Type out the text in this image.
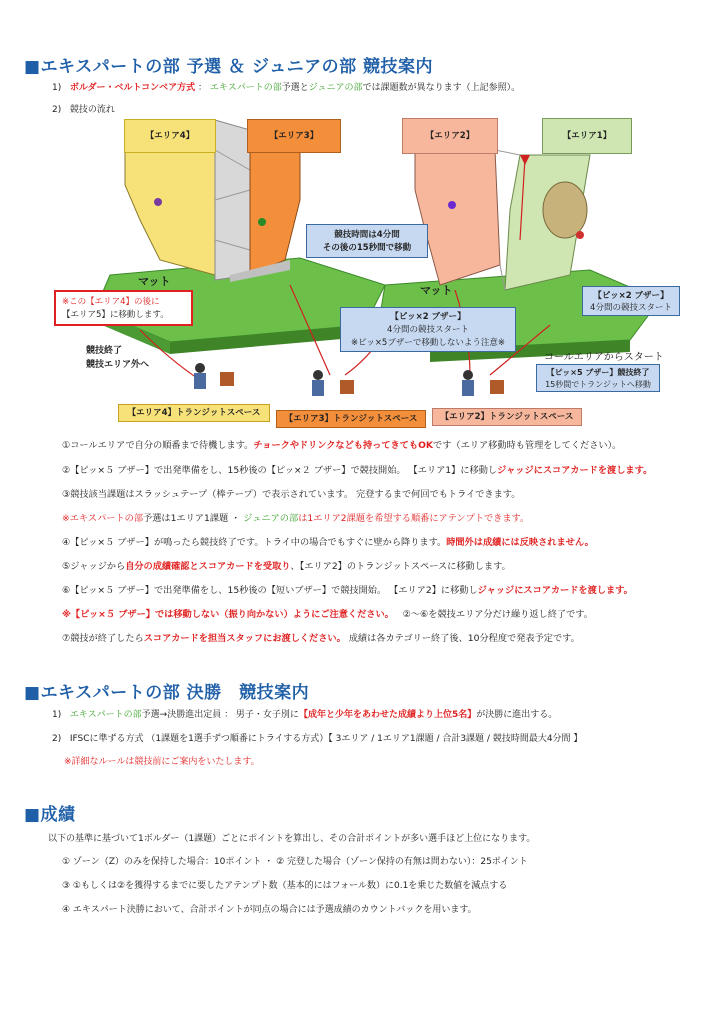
■エキスパートの部 予選 ＆ ジュニアの部 競技案内
1) ボルダー・ベルトコンベア方式 ： エキスパートの部予選とジュニアの部では課題数が異なります（上記参照）。
2) 競技の流れ
【エリア4】	【エリア3】	【エリア2】	【エリア1】
マット
マット
競技時間は4分間
その後の15秒間で移動
※この【エリア4】の後に
【エリア5】に移動します。
競技終了
競技エリア外へ
【ピッ×2 ブザー】
4分間の競技スタート
※ピッ×5ブザーで移動しないよう注意※
【ピッ×2 ブザー】
4分間の競技スタート
コールエリアからスタート
【ピッ×5 ブザー】競技終了
15秒間でトランジットへ移動
【エリア4】トランジットスペース
【エリア3】トランジットスペース	【エリア2】トランジットスペース
①コールエリアで自分の順番まで待機します。チョークやドリンクなども持ってきてもOKです（エリア移動時も管理をしてください）。
②【ピッ×５ ブザー】で出発準備をし、15秒後の【ピッ×２ ブザー】で競技開始。 【エリア1】に移動しジャッジにスコアカードを渡します。
③競技該当課題はスラッシュテープ（棒テープ）で表示されています。 完登するまで何回でもトライできます。
※エキスパートの部予選は1エリア1課題 ・ ジュニアの部は1エリア2課題を希望する順番にアテンプトできます。
④【ピッ×５ ブザー】が鳴ったら競技終了です。トライ中の場合でもすぐに壁から降ります。時間外は成績には反映されません。
⑤ジャッジから自分の成績確認とスコアカードを受取り、【エリア2】のトランジットスペースに移動します。
⑥【ピッ×５ ブザー】で出発準備をし、15秒後の【短いブザー】で競技開始。 【エリア2】に移動しジャッジにスコアカードを渡します。
※【ピッ×５ ブザー】では移動しない（振り向かない）ようにご注意ください。 ②～⑥を競技エリア分だけ繰り返し終了です。
⑦競技が終了したらスコアカードを担当スタッフにお渡しください。 成績は各カテゴリー終了後、10分程度で発表予定です。
■エキスパートの部 決勝　競技案内
1) エキスパートの部予選→決勝進出定員 ： 男子・女子別に【成年と少年をあわせた成績より上位5名】が決勝に進出する。
2) IFSCに準ずる方式 （1課題を1選手ずつ順番にトライする方式）【 3エリア / 1エリア1課題 / 合計3課題 / 競技時間最大4分間 】
※詳細なルールは競技前にご案内をいたします。
■成績
以下の基準に基づいて1ボルダー（1課題）ごとにポイントを算出し、その合計ポイントが多い選手ほど上位になります。
① ゾーン（Z）のみを保持した場合：10ポイント ・ ② 完登した場合（ゾーン保持の有無は問わない）：25ポイント
③ ①もしくは②を獲得するまでに要したアテンプト数（基本的にはフォール数）に0.1を乗じた数値を減点する
④ エキスパート決勝において、合計ポイントが同点の場合には予選成績のカウントバックを用います。
